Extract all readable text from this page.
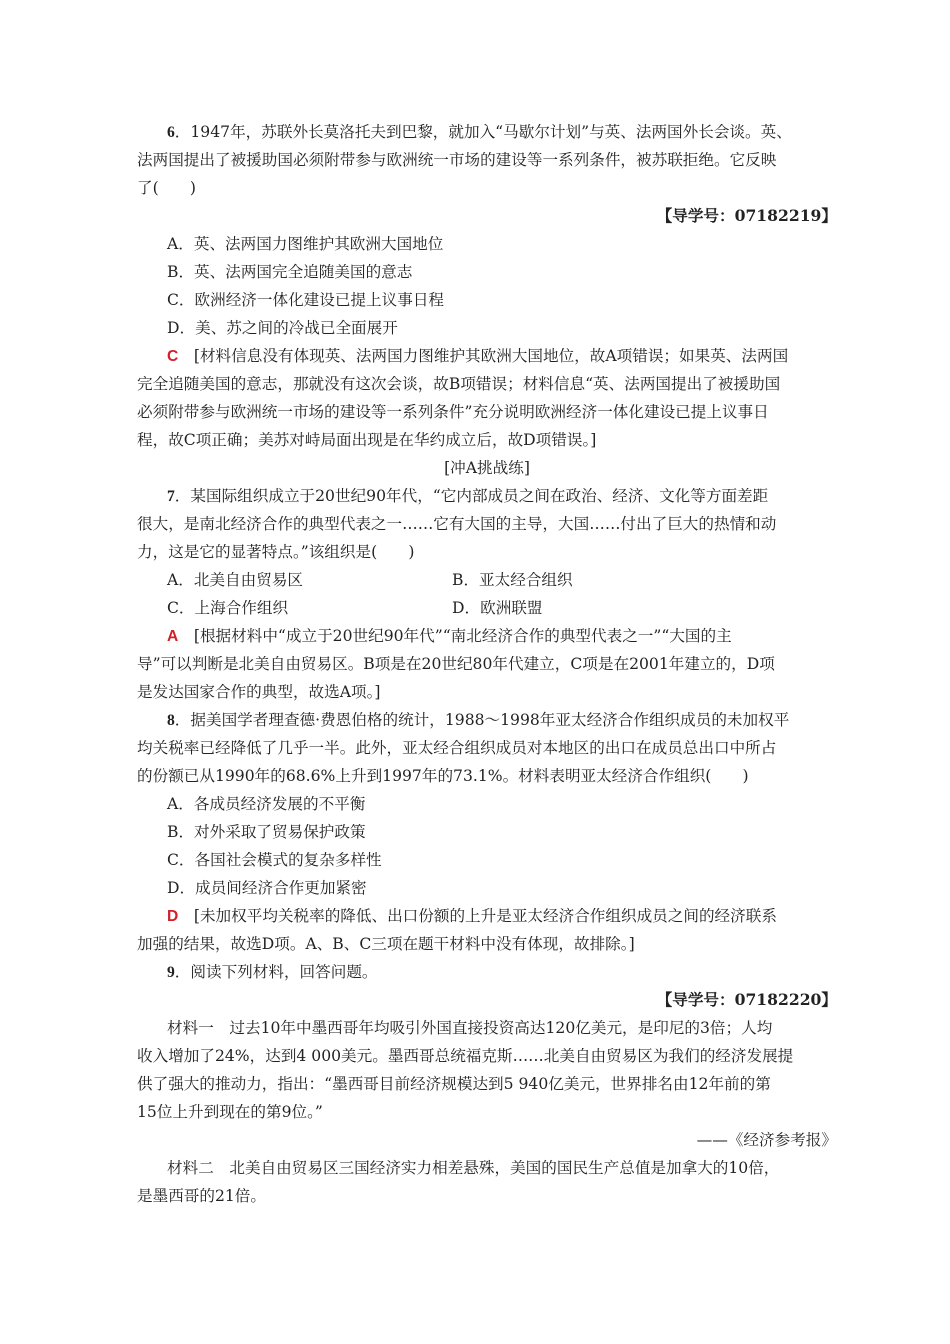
6．1947年，苏联外长莫洛托夫到巴黎，就加入“马歇尔计划”与英、法两国外长会谈。英、
法两国提出了被援助国必须附带参与欧洲统一市场的建设等一系列条件，被苏联拒绝。它反映
了(　　)
【导学号：07182219】
A．英、法两国力图维护其欧洲大国地位
B．英、法两国完全追随美国的意志
C．欧洲经济一体化建设已提上议事日程
D．美、苏之间的冷战已全面展开
C　[材料信息没有体现英、法两国力图维护其欧洲大国地位，故A项错误；如果英、法两国
完全追随美国的意志，那就没有这次会谈，故B项错误；材料信息“英、法两国提出了被援助国
必须附带参与欧洲统一市场的建设等一系列条件”充分说明欧洲经济一体化建设已提上议事日
程，故C项正确；美苏对峙局面出现是在华约成立后，故D项错误。]
[冲A挑战练]
7．某国际组织成立于20世纪90年代，“它内部成员之间在政治、经济、文化等方面差距
很大，是南北经济合作的典型代表之一……它有大国的主导，大国……付出了巨大的热情和动
力，这是它的显著特点。”该组织是(　　)
A．北美自由贸易区	B．亚太经合组织
C．上海合作组织	D．欧洲联盟
A　[根据材料中“成立于20世纪90年代”“南北经济合作的典型代表之一”“大国的主
导”可以判断是北美自由贸易区。B项是在20世纪80年代建立，C项是在2001年建立的，D项
是发达国家合作的典型，故选A项。]
8．据美国学者理查德·费恩伯格的统计，1988～1998年亚太经济合作组织成员的未加权平
均关税率已经降低了几乎一半。此外，亚太经合组织成员对本地区的出口在成员总出口中所占
的份额已从1990年的68.6%上升到1997年的73.1%。材料表明亚太经济合作组织(　　)
A．各成员经济发展的不平衡
B．对外采取了贸易保护政策
C．各国社会模式的复杂多样性
D．成员间经济合作更加紧密
D　[未加权平均关税率的降低、出口份额的上升是亚太经济合作组织成员之间的经济联系
加强的结果，故选D项。A、B、C三项在题干材料中没有体现，故排除。]
9．阅读下列材料，回答问题。
【导学号：07182220】
材料一　过去10年中墨西哥年均吸引外国直接投资高达120亿美元，是印尼的3倍；人均
收入增加了24%，达到4 000美元。墨西哥总统福克斯……北美自由贸易区为我们的经济发展提
供了强大的推动力，指出：“墨西哥目前经济规模达到5 940亿美元，世界排名由12年前的第
15位上升到现在的第9位。”
——《经济参考报》
材料二　北美自由贸易区三国经济实力相差悬殊，美国的国民生产总值是加拿大的10倍，
是墨西哥的21倍。
